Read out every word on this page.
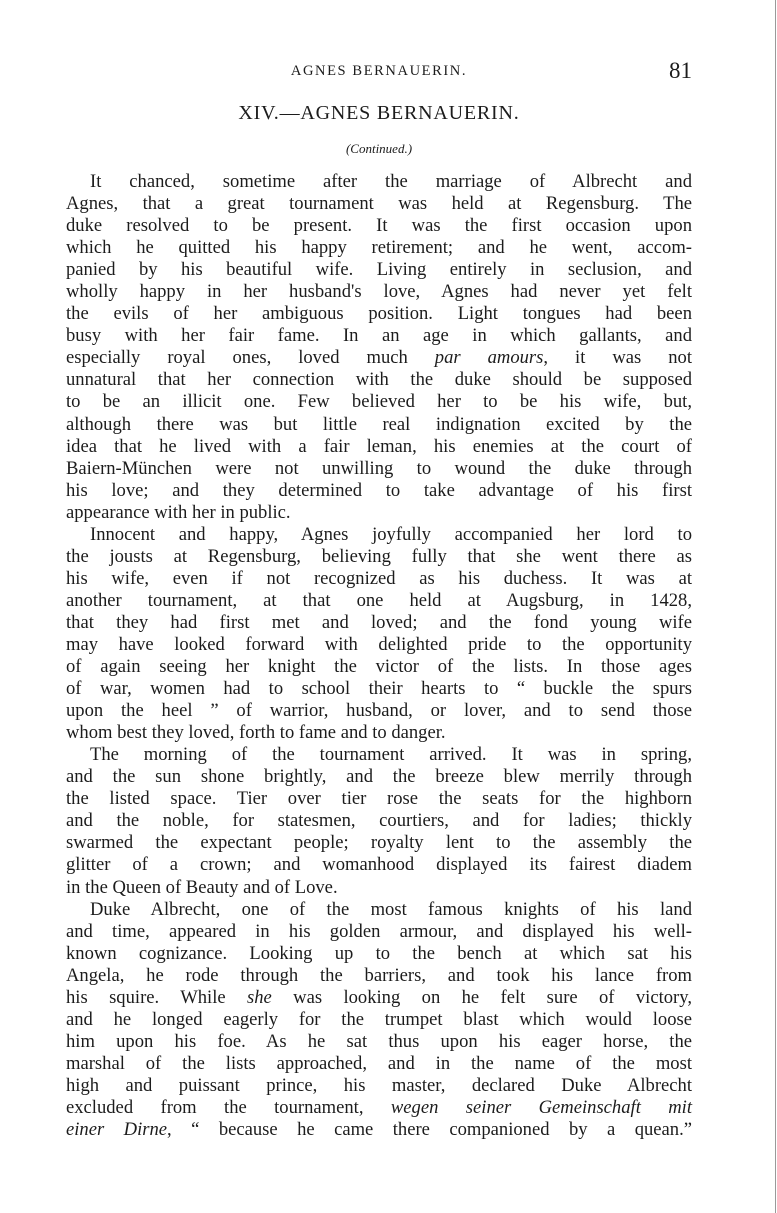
AGNES BERNAUERIN.	81
XIV.—AGNES BERNAUERIN.
(Continued.)
It chanced, sometime after the marriage of Albrecht and
Agnes, that a great tournament was held at Regensburg. The
duke resolved to be present. It was the first occasion upon
which he quitted his happy retirement; and he went, accom-
panied by his beautiful wife. Living entirely in seclusion, and
wholly happy in her husband's love, Agnes had never yet felt
the evils of her ambiguous position. Light tongues had been
busy with her fair fame. In an age in which gallants, and
especially royal ones, loved much par amours, it was not
unnatural that her connection with the duke should be supposed
to be an illicit one. Few believed her to be his wife, but,
although there was but little real indignation excited by the
idea that he lived with a fair leman, his enemies at the court of
Baiern-München were not unwilling to wound the duke through
his love; and they determined to take advantage of his first
appearance with her in public.
Innocent and happy, Agnes joyfully accompanied her lord to
the jousts at Regensburg, believing fully that she went there as
his wife, even if not recognized as his duchess. It was at
another tournament, at that one held at Augsburg, in 1428,
that they had first met and loved; and the fond young wife
may have looked forward with delighted pride to the opportunity
of again seeing her knight the victor of the lists. In those ages
of war, women had to school their hearts to “ buckle the spurs
upon the heel ” of warrior, husband, or lover, and to send those
whom best they loved, forth to fame and to danger.
The morning of the tournament arrived. It was in spring,
and the sun shone brightly, and the breeze blew merrily through
the listed space. Tier over tier rose the seats for the highborn
and the noble, for statesmen, courtiers, and for ladies; thickly
swarmed the expectant people; royalty lent to the assembly the
glitter of a crown; and womanhood displayed its fairest diadem
in the Queen of Beauty and of Love.
Duke Albrecht, one of the most famous knights of his land
and time, appeared in his golden armour, and displayed his well-
known cognizance. Looking up to the bench at which sat his
Angela, he rode through the barriers, and took his lance from
his squire. While she was looking on he felt sure of victory,
and he longed eagerly for the trumpet blast which would loose
him upon his foe. As he sat thus upon his eager horse, the
marshal of the lists approached, and in the name of the most
high and puissant prince, his master, declared Duke Albrecht
excluded from the tournament, wegen seiner Gemeinschaft mit
einer Dirne, “ because he came there companioned by a quean.”
